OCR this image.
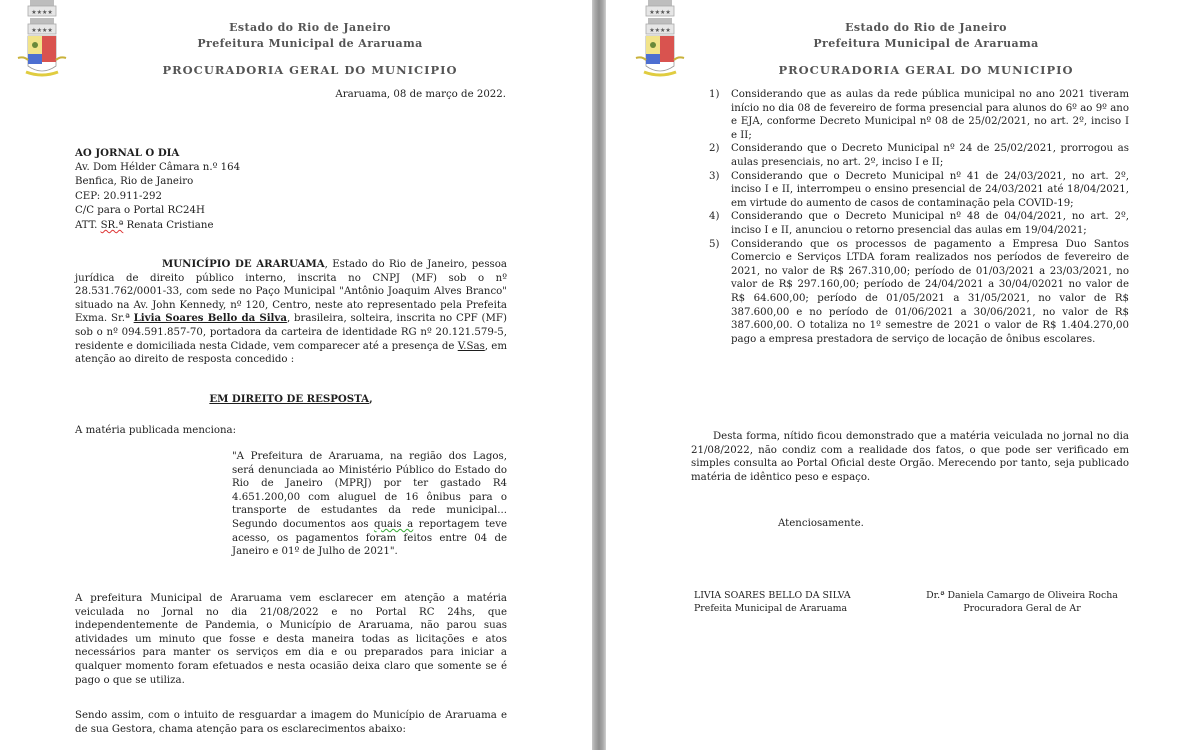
★★★★
★★★★	Estado do Rio de Janeiro
Prefeitura Municipal de Araruama
PROCURADORIA GERAL DO MUNICIPIO
Araruama, 08 de março de 2022.
AO JORNAL O DIA
Av. Dom Hélder Câmara n.º 164
Benfica, Rio de Janeiro
CEP: 20.911-292
C/C para o Portal RC24H
ATT. SR.ª Renata Cristiane
MUNICÍPIO DE ARARUAMA, Estado do Rio de Janeiro, pessoa jurídica de direito público interno, inscrita no CNPJ (MF) sob o nº 28.531.762/0001-33, com sede no Paço Municipal "Antônio Joaquim Alves Branco" situado na Av. John Kennedy, nº 120, Centro, neste ato representado pela Prefeita Exma. Sr.ª Livia Soares Bello da Silva, brasileira, solteira, inscrita no CPF (MF) sob o nº 094.591.857-70, portadora da carteira de identidade RG nº 20.121.579-5, residente e domiciliada nesta Cidade, vem comparecer até a presença de V.Sas, em atenção ao direito de resposta concedido :
EM DIREITO DE RESPOSTA,
A matéria publicada menciona:
"A Prefeitura de Araruama, na região dos Lagos, será denunciada ao Ministério Público do Estado do Rio de Janeiro (MPRJ) por ter gastado R4 4.651.200,00 com aluguel de 16 ônibus para o transporte de estudantes da rede municipal... Segundo documentos aos quais a reportagem teve acesso, os pagamentos foram feitos entre 04 de Janeiro e 01º de Julho de 2021".
A prefeitura Municipal de Araruama vem esclarecer em atenção a matéria veiculada no Jornal no dia 21/08/2022 e no Portal RC 24hs, que independentemente de Pandemia, o Município de Araruama, não parou suas atividades um minuto que fosse e desta maneira todas as licitações e atos necessários para manter os serviços em dia e ou preparados para iniciar a qualquer momento foram efetuados e nesta ocasião deixa claro que somente se é pago o que se utiliza.
Sendo assim, com o intuito de resguardar a imagem do Município de Araruama e de sua Gestora, chama atenção para os esclarecimentos abaixo:
★★★★
★★★★	Estado do Rio de Janeiro
Prefeitura Municipal de Araruama
PROCURADORIA GERAL DO MUNICIPIO
1) Considerando que as aulas da rede pública municipal no ano 2021 tiveram início no dia 08 de fevereiro de forma presencial para alunos do 6º ao 9º ano e EJA, conforme Decreto Municipal nº 08 de 25/02/2021, no art. 2º, inciso I e II;
2) Considerando que o Decreto Municipal nº 24 de 25/02/2021, prorrogou as aulas presenciais, no art. 2º, inciso I e II;
3) Considerando que o Decreto Municipal nº 41 de 24/03/2021, no art. 2º, inciso I e II, interrompeu o ensino presencial de 24/03/2021 até 18/04/2021, em virtude do aumento de casos de contaminação pela COVID-19;
4) Considerando que o Decreto Municipal nº 48 de 04/04/2021, no art. 2º, inciso I e II, anunciou o retorno presencial das aulas em 19/04/2021;
5) Considerando que os processos de pagamento a Empresa Duo Santos Comercio e Serviços LTDA foram realizados nos períodos de fevereiro de 2021, no valor de R$ 267.310,00; período de 01/03/2021 a 23/03/2021, no valor de R$ 297.160,00; período de 24/04/2021 a 30/04/02021 no valor de R$ 64.600,00; período de 01/05/2021 a 31/05/2021, no valor de R$ 387.600,00 e no período de 01/06/2021 a 30/06/2021, no valor de R$ 387.600,00. O totaliza no 1º semestre de 2021 o valor de R$ 1.404.270,00 pago a empresa prestadora de serviço de locação de ônibus escolares.
Desta forma, nítido ficou demonstrado que a matéria veiculada no jornal no dia 21/08/2022, não condiz com a realidade dos fatos, o que pode ser verificado em simples consulta ao Portal Oficial deste Orgão. Merecendo por tanto, seja publicado matéria de idêntico peso e espaço.
Atenciosamente.
LIVIA SOARES BELLO DA SILVA
Prefeita Municipal de Araruama
Dr.ª Daniela Camargo de Oliveira Rocha
Procuradora Geral de Ar
